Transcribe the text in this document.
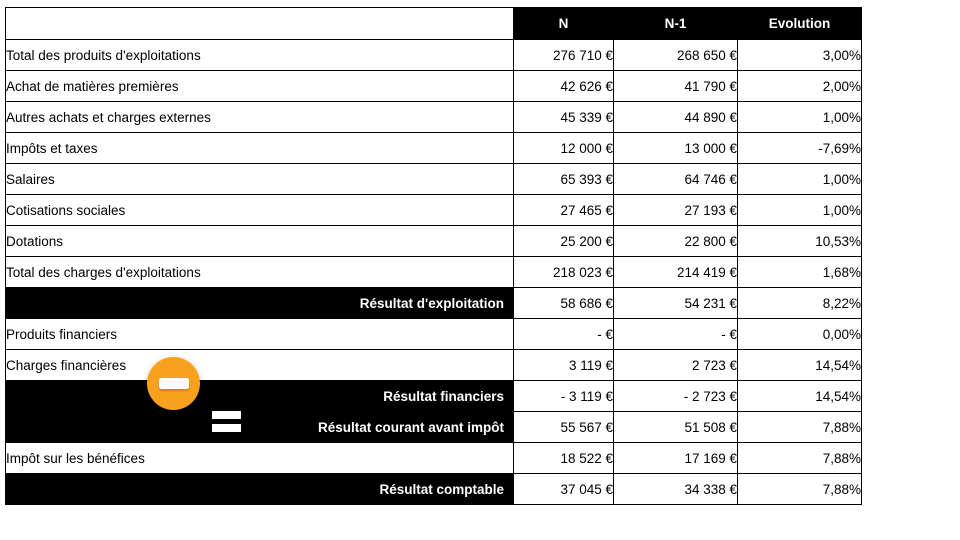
	N	N-1	Evolution
Total des produits d'exploitations	276 710 €	268 650 €	3,00%
Achat de matières premières	42 626 €	41 790 €	2,00%
Autres achats et charges externes	45 339 €	44 890 €	1,00%
Impôts et taxes	12 000 €	13 000 €	-7,69%
Salaires	65 393 €	64 746 €	1,00%
Cotisations sociales	27 465 €	27 193 €	1,00%
Dotations	25 200 €	22 800 €	10,53%
Total des charges d'exploitations	218 023 €	214 419 €	1,68%
Résultat d'exploitation	58 686 €	54 231 €	8,22%
Produits financiers	- €	- €	0,00%
Charges financières	3 119 €	2 723 €	14,54%
Résultat financiers	- 3 119 €	- 2 723 €	14,54%
Résultat courant avant impôt	55 567 €	51 508 €	7,88%
Impôt sur les bénéfices	18 522 €	17 169 €	7,88%
Résultat comptable	37 045 €	34 338 €	7,88%
